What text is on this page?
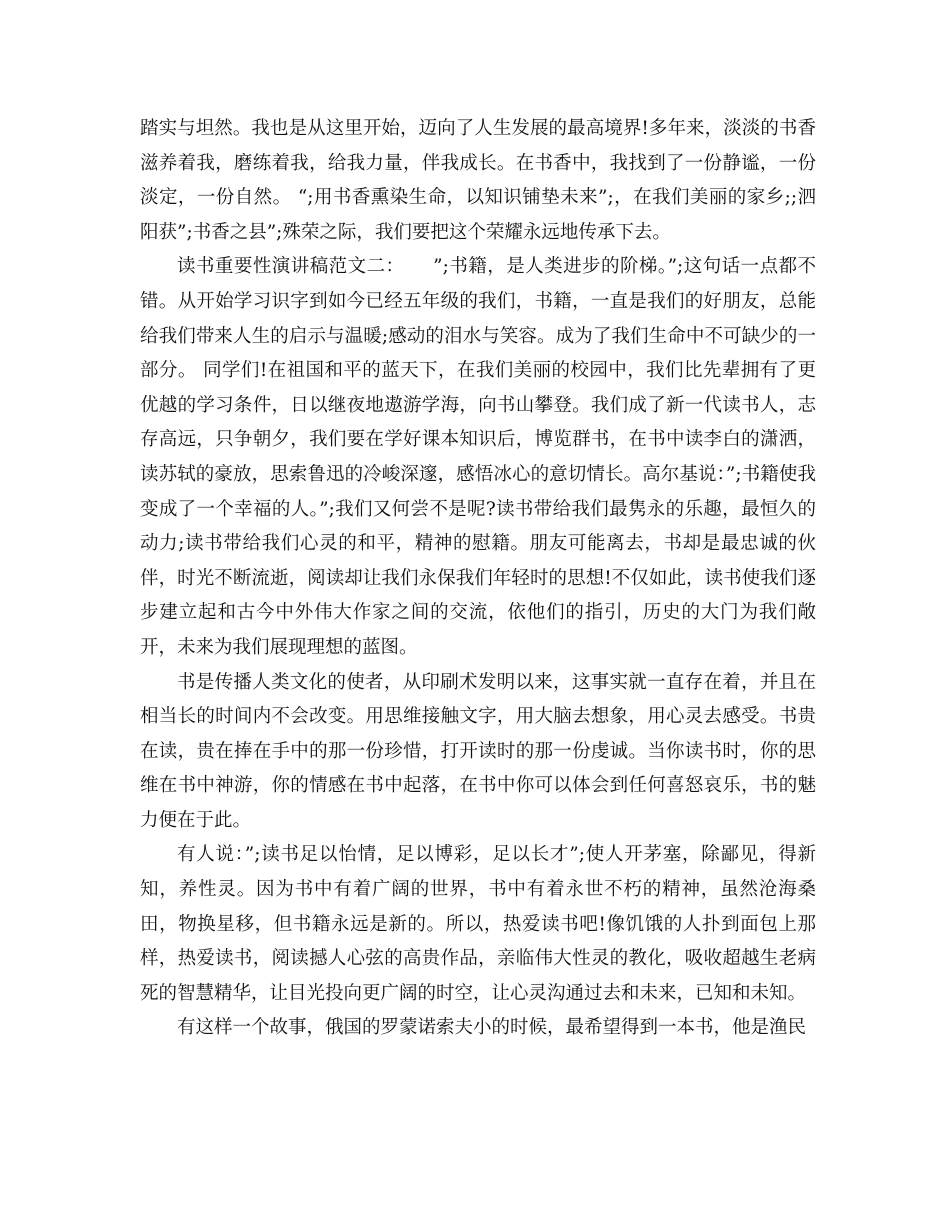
踏实与坦然。我也是从这里开始，迈向了人生发展的最高境界!多年来，淡淡的书香滋养着我，磨练着我，给我力量，伴我成长。在书香中，我找到了一份静谧，一份淡定，一份自然。 “;用书香熏染生命，以知识铺垫未来”;，在我们美丽的家乡;;泗阳获”;书香之县”;殊荣之际，我们要把这个荣耀永远地传承下去。

读书重要性演讲稿范文二：　　”;书籍，是人类进步的阶梯。”;这句话一点都不错。从开始学习识字到如今已经五年级的我们，书籍，一直是我们的好朋友，总能给我们带来人生的启示与温暖;感动的泪水与笑容。成为了我们生命中不可缺少的一部分。 同学们!在祖国和平的蓝天下，在我们美丽的校园中，我们比先辈拥有了更优越的学习条件，日以继夜地遨游学海，向书山攀登。我们成了新一代读书人，志存高远，只争朝夕，我们要在学好课本知识后，博览群书，在书中读李白的潇洒，读苏轼的豪放，思索鲁迅的冷峻深邃，感悟冰心的意切情长。高尔基说：”;书籍使我变成了一个幸福的人。”;我们又何尝不是呢?读书带给我们最隽永的乐趣，最恒久的动力;读书带给我们心灵的和平，精神的慰籍。朋友可能离去，书却是最忠诚的伙伴，时光不断流逝，阅读却让我们永保我们年轻时的思想!不仅如此，读书使我们逐步建立起和古今中外伟大作家之间的交流，依他们的指引，历史的大门为我们敞开，未来为我们展现理想的蓝图。

书是传播人类文化的使者，从印刷术发明以来，这事实就一直存在着，并且在相当长的时间内不会改变。用思维接触文字，用大脑去想象，用心灵去感受。书贵在读，贵在捧在手中的那一份珍惜，打开读时的那一份虔诚。当你读书时，你的思维在书中神游，你的情感在书中起落，在书中你可以体会到任何喜怒哀乐，书的魅力便在于此。

有人说：”;读书足以怡情，足以博彩，足以长才”;使人开茅塞，除鄙见，得新知，养性灵。因为书中有着广阔的世界，书中有着永世不朽的精神，虽然沧海桑田，物换星移，但书籍永远是新的。所以，热爱读书吧!像饥饿的人扑到面包上那样，热爱读书，阅读撼人心弦的高贵作品，亲临伟大性灵的教化，吸收超越生老病死的智慧精华，让目光投向更广阔的时空，让心灵沟通过去和未来，已知和未知。

有这样一个故事，俄国的罗蒙诺索夫小的时候，最希望得到一本书，他是渔民
